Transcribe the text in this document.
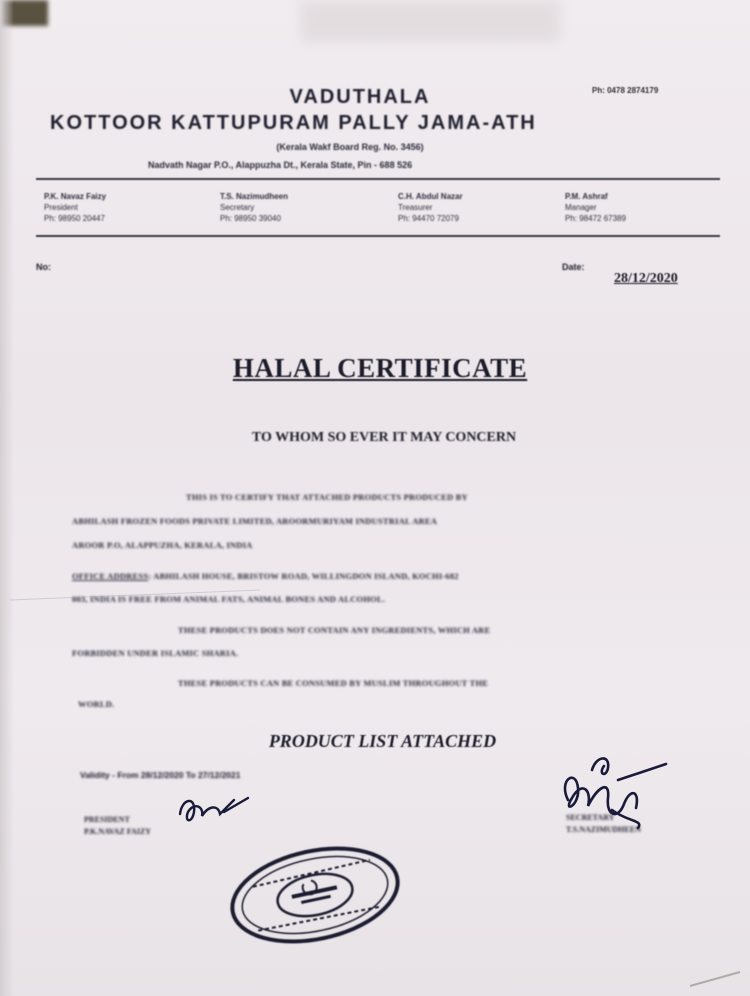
Ph: 0478 2874179
VADUTHALA
KOTTOOR KATTUPURAM PALLY JAMA-ATH
(Kerala Wakf Board Reg. No. 3456)
Nadvath Nagar P.O., Alappuzha Dt., Kerala State, Pin - 688 526
P.K. Navaz Faizy
President
Ph: 98950 20447
T.S. Nazimudheen
Secretary
Ph: 98950 39040
C.H. Abdul Nazar
Treasurer
Ph: 94470 72079
P.M. Ashraf
Manager
Ph: 98472 67389
No:	Date:
28/12/2020
HALAL CERTIFICATE
TO WHOM SO EVER IT MAY CONCERN
THIS IS TO CERTIFY THAT ATTACHED PRODUCTS PRODUCED BY
ABHILASH FROZEN FOODS PRIVATE LIMITED, AROORMURIYAM INDUSTRIAL AREA
AROOR P.O, ALAPPUZHA, KERALA, INDIA
OFFICE ADDRESS: ABHILASH HOUSE, BRISTOW ROAD, WILLINGDON ISLAND, KOCHI-682
003, INDIA IS FREE FROM ANIMAL FATS, ANIMAL BONES AND ALCOHOL.
THESE PRODUCTS DOES NOT CONTAIN ANY INGREDIENTS, WHICH ARE
FORBIDDEN UNDER ISLAMIC SHARIA.
THESE PRODUCTS CAN BE CONSUMED BY MUSLIM THROUGHOUT THE
WORLD.
PRODUCT LIST ATTACHED
Validity - From 28/12/2020 To 27/12/2021
PRESIDENT
P.K.NAVAZ FAIZY
SECRETARY
T.S.NAZIMUDHEEN
